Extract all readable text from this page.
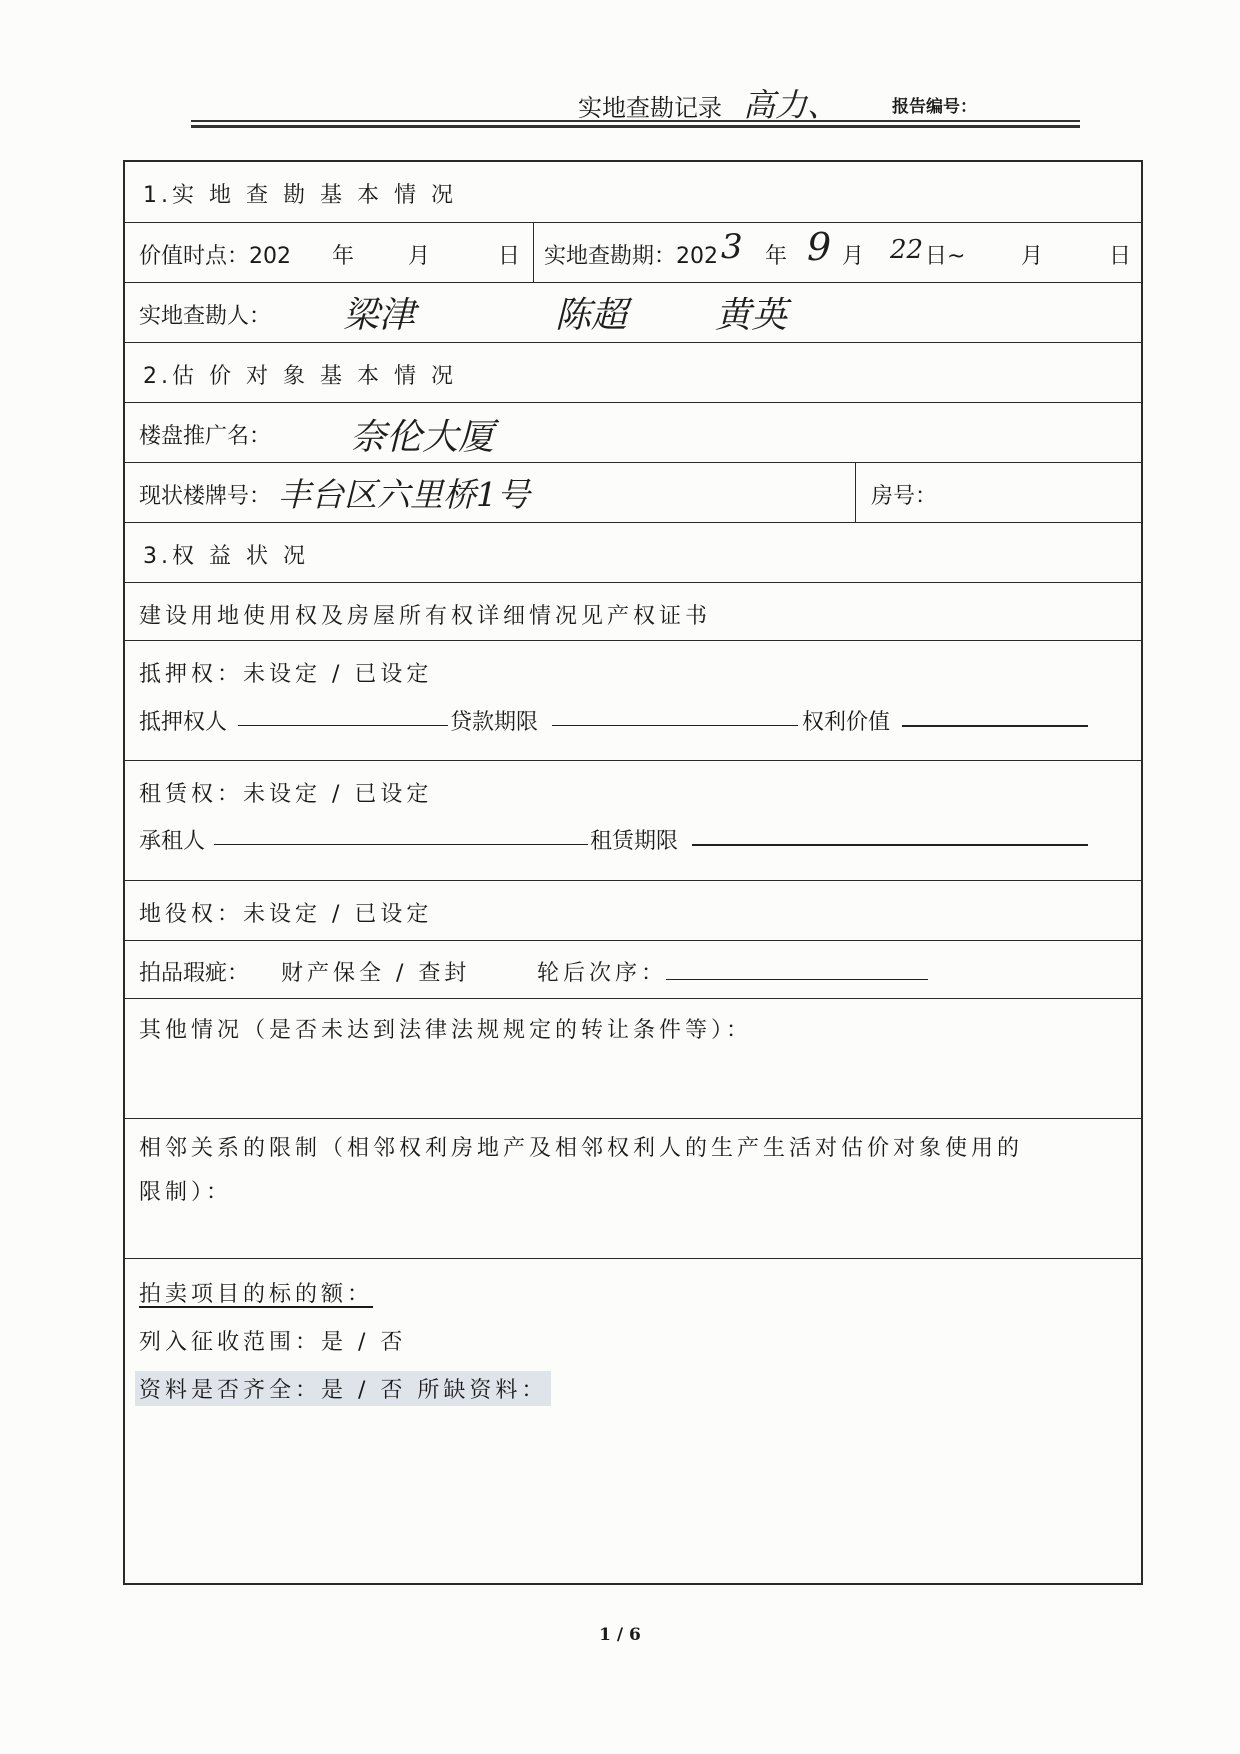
实地查勘记录 高力、	报告编号：
1.实 地 查 勘 基 本 情 况
价值时点：202 年 月	日 实地查勘期：202 3 年 9 月 22 日~	月	日
实地查勘人： 梁津	陈超 黄英
2.估 价 对 象 基 本 情 况
楼盘推广名： 奈伦大厦
现状楼牌号： 丰台区六里桥1号	房号：
3.权 益 状 况
建设用地使用权及房屋所有权详细情况见产权证书
抵押权：未设定 / 已设定
抵押权人	贷款期限	权利价值
租赁权：未设定 / 已设定
承租人	租赁期限
地役权：未设定 / 已设定
拍品瑕疵： 财产保全 / 查封	轮后次序：
其他情况（是否未达到法律法规规定的转让条件等）：
相邻关系的限制（相邻权利房地产及相邻权利人的生产生活对估价对象使用的
限制）：
拍卖项目的标的额：
列入征收范围：是 / 否
资料是否齐全：是 / 否 所缺资料：
1 / 6
